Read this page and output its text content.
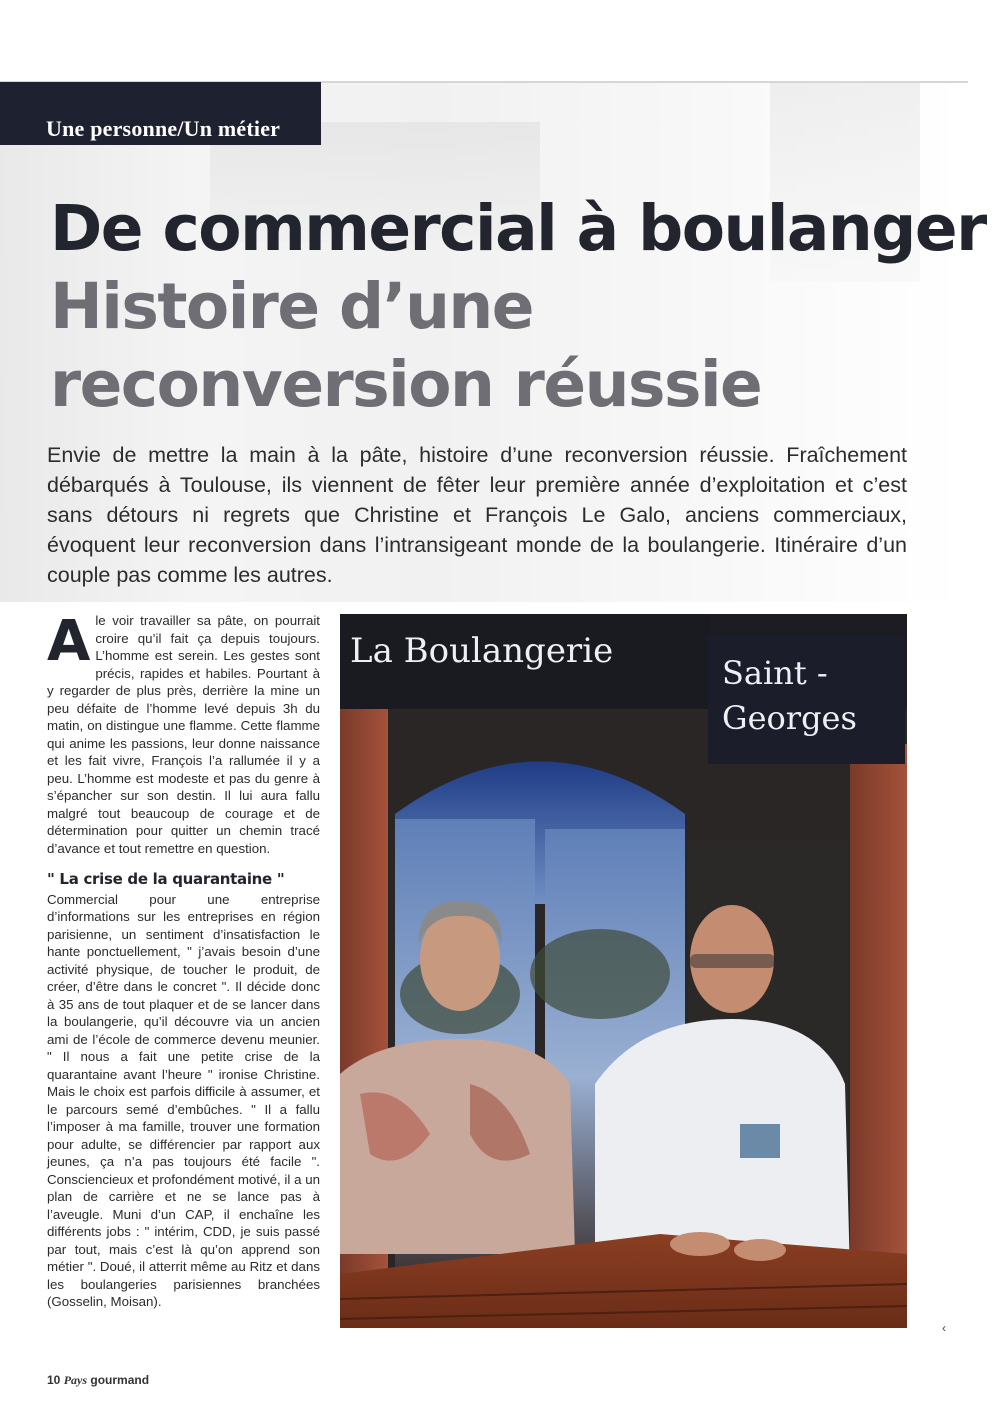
Une personne/Un métier
De commercial à boulanger
Histoire d’une
reconversion réussie

Envie de mettre la main à la pâte, histoire d’une reconversion réussie. Fraîchement débarqués à Toulouse, ils viennent de fêter leur première année d’exploitation et c’est sans détours ni regrets que Christine et François Le Galo, anciens commerciaux, évoquent leur reconversion dans l’intransigeant monde de la boulangerie. Itinéraire d’un couple pas comme les autres.

A le voir travailler sa pâte, on pourrait croire qu’il fait ça depuis toujours. L’homme est serein. Les gestes sont précis, rapides et habiles. Pourtant à y regarder de plus près, derrière la mine un peu défaite de l’homme levé depuis 3h du matin, on distingue une flamme. Cette flamme qui anime les passions, leur donne naissance et les fait vivre, François l’a rallumée il y a peu. L’homme est modeste et pas du genre à s’épancher sur son destin. Il lui aura fallu malgré tout beaucoup de courage et de détermination pour quitter un chemin tracé d’avance et tout remettre en question.

" La crise de la quarantaine "

Commercial pour une entreprise d’informations sur les entreprises en région parisienne, un sentiment d’insatisfaction le hante ponctuellement, " j’avais besoin d’une activité physique, de toucher le produit, de créer, d’être dans le concret ". Il décide donc à 35 ans de tout plaquer et de se lancer dans la boulangerie, qu’il découvre via un ancien ami de l’école de commerce devenu meunier. " Il nous a fait une petite crise de la quarantaine avant l’heure " ironise Christine. Mais le choix est parfois difficile à assumer, et le parcours semé d’embûches. " Il a fallu l’imposer à ma famille, trouver une formation pour adulte, se différencier par rapport aux jeunes, ça n’a pas toujours été facile ". Consciencieux et profondément motivé, il a un plan de carrière et ne se lance pas à l’aveugle. Muni d’un CAP, il enchaîne les différents jobs : " intérim, CDD, je suis passé par tout, mais c’est là qu’on apprend son métier ". Doué, il atterrit même au Ritz et dans les boulangeries parisiennes branchées (Gosselin, Moisan).

La Boulangerie
Saint -
Georges
10 Pays gourmand
‹
